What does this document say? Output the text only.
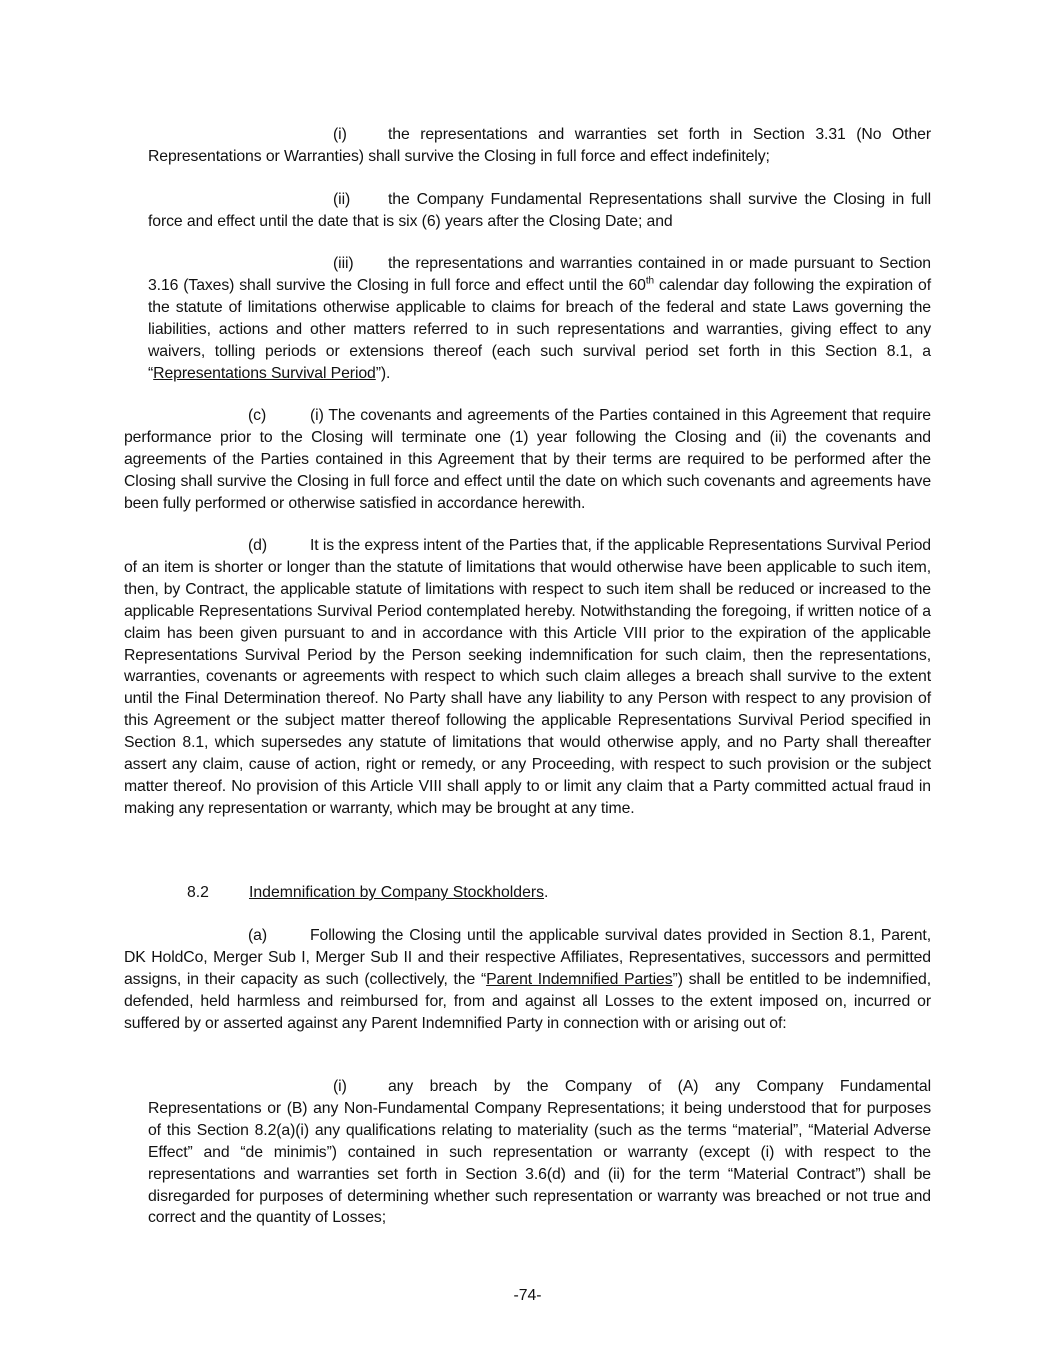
(i)	the representations and warranties set forth in Section 3.31 (No Other Representations or Warranties) shall survive the Closing in full force and effect indefinitely;

(ii) the Company Fundamental Representations shall survive the Closing in full force and effect until the date that is six (6) years after the Closing Date; and

(iii) the representations and warranties contained in or made pursuant to Section 3.16 (Taxes) shall survive the Closing in full force and effect until the 60th calendar day following the expiration of the statute of limitations otherwise applicable to claims for breach of the federal and state Laws governing the liabilities, actions and other matters referred to in such representations and warranties, giving effect to any waivers, tolling periods or extensions thereof (each such survival period set forth in this Section 8.1, a “Representations Survival Period”).

(c)	(i) The covenants and agreements of the Parties contained in this Agreement that require performance prior to the Closing will terminate one (1) year following the Closing and (ii) the covenants and agreements of the Parties contained in this Agreement that by their terms are required to be performed after the Closing shall survive the Closing in full force and effect until the date on which such covenants and agreements have been fully performed or otherwise satisfied in accordance herewith.

(d)	It is the express intent of the Parties that, if the applicable Representations Survival Period of an item is shorter or longer than the statute of limitations that would otherwise have been applicable to such item, then, by Contract, the applicable statute of limitations with respect to such item shall be reduced or increased to the applicable Representations Survival Period contemplated hereby. Notwithstanding the foregoing, if written notice of a claim has been given pursuant to and in accordance with this Article VIII prior to the expiration of the applicable Representations Survival Period by the Person seeking indemnification for such claim, then the representations, warranties, covenants or agreements with respect to which such claim alleges a breach shall survive to the extent until the Final Determination thereof. No Party shall have any liability to any Person with respect to any provision of this Agreement or the subject matter thereof following the applicable Representations Survival Period specified in Section 8.1, which supersedes any statute of limitations that would otherwise apply, and no Party shall thereafter assert any claim, cause of action, right or remedy, or any Proceeding, with respect to such provision or the subject matter thereof. No provision of this Article VIII shall apply to or limit any claim that a Party committed actual fraud in making any representation or warranty, which may be brought at any time.

8.2	Indemnification by Company Stockholders.

(a)	Following the Closing until the applicable survival dates provided in Section 8.1, Parent, DK HoldCo, Merger Sub I, Merger Sub II and their respective Affiliates, Representatives, successors and permitted assigns, in their capacity as such (collectively, the “Parent Indemnified Parties”) shall be entitled to be indemnified, defended, held harmless and reimbursed for, from and against all Losses to the extent imposed on, incurred or suffered by or asserted against any Parent Indemnified Party in connection with or arising out of:

(i)	any breach by the Company of (A) any Company Fundamental Representations or (B) any Non-Fundamental Company Representations; it being understood that for purposes of this Section 8.2(a)(i) any qualifications relating to materiality (such as the terms “material”, “Material Adverse Effect” and “de minimis”) contained in such representation or warranty (except (i) with respect to the representations and warranties set forth in Section 3.6(d) and (ii) for the term “Material Contract”) shall be disregarded for purposes of determining whether such representation or warranty was breached or not true and correct and the quantity of Losses;

-74-
